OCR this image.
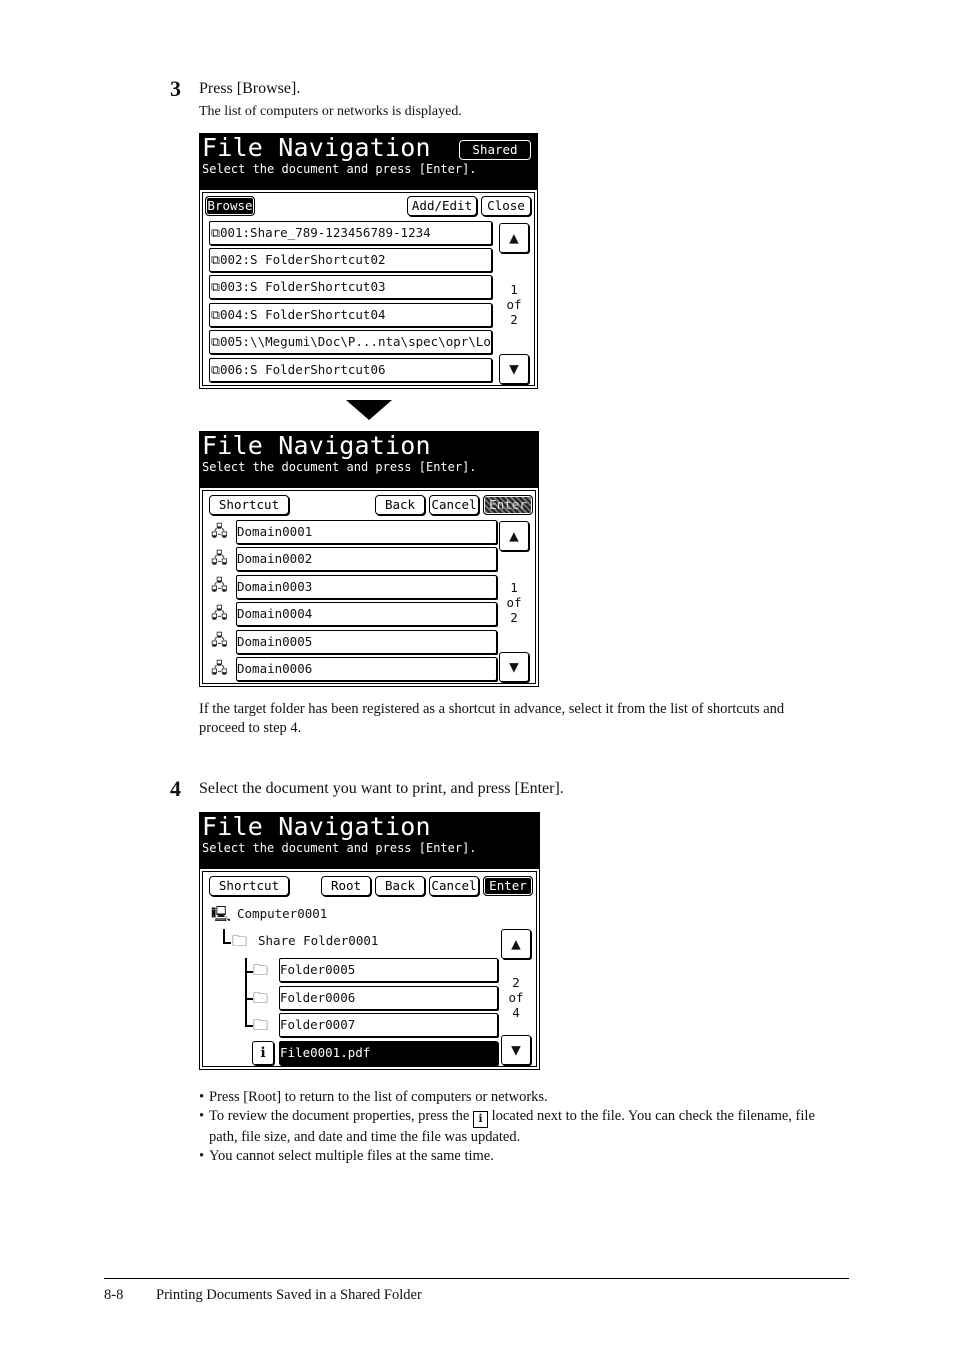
3 Press [Browse].
The list of computers or networks is displayed.
File Navigation
Select the document and press [Enter].
Shared
Browse	Add/Edit	Close
⧉001:Share_789-123456789-1234
⧉002:S FolderShortcut02
⧉003:S FolderShortcut03
⧉004:S FolderShortcut04
⧉005:\\Megumi\Doc\P...nta\spec\opr\Lo
⧉006:S FolderShortcut06
▲
1
of
2
▼
File Navigation
Select the document and press [Enter].
Shortcut	Back	Cancel	Enter
🖧 Domain0001
🖧 Domain0002
🖧 Domain0003
🖧 Domain0004
🖧 Domain0005
🖧 Domain0006
▲
1
of
2
▼
If the target folder has been registered as a shortcut in advance, select it from the list of shortcuts and proceed to step 4.
4 Select the document you want to print, and press [Enter].
File Navigation
Select the document and press [Enter].
Shortcut	Root	Back	Cancel	Enter
🖳 Computer0001
🗀 Share Folder0001
🗀 Folder0005
🗀 Folder0006
🗀 Folder0007
ℹ	File0001.pdf
▲
2
of
4
▼
• Press [Root] to return to the list of computers or networks.
• To review the document properties, press the ℹ located next to the file. You can check the filename, file path, file size, and date and time the file was updated.
• You cannot select multiple files at the same time.
8-8 Printing Documents Saved in a Shared Folder
